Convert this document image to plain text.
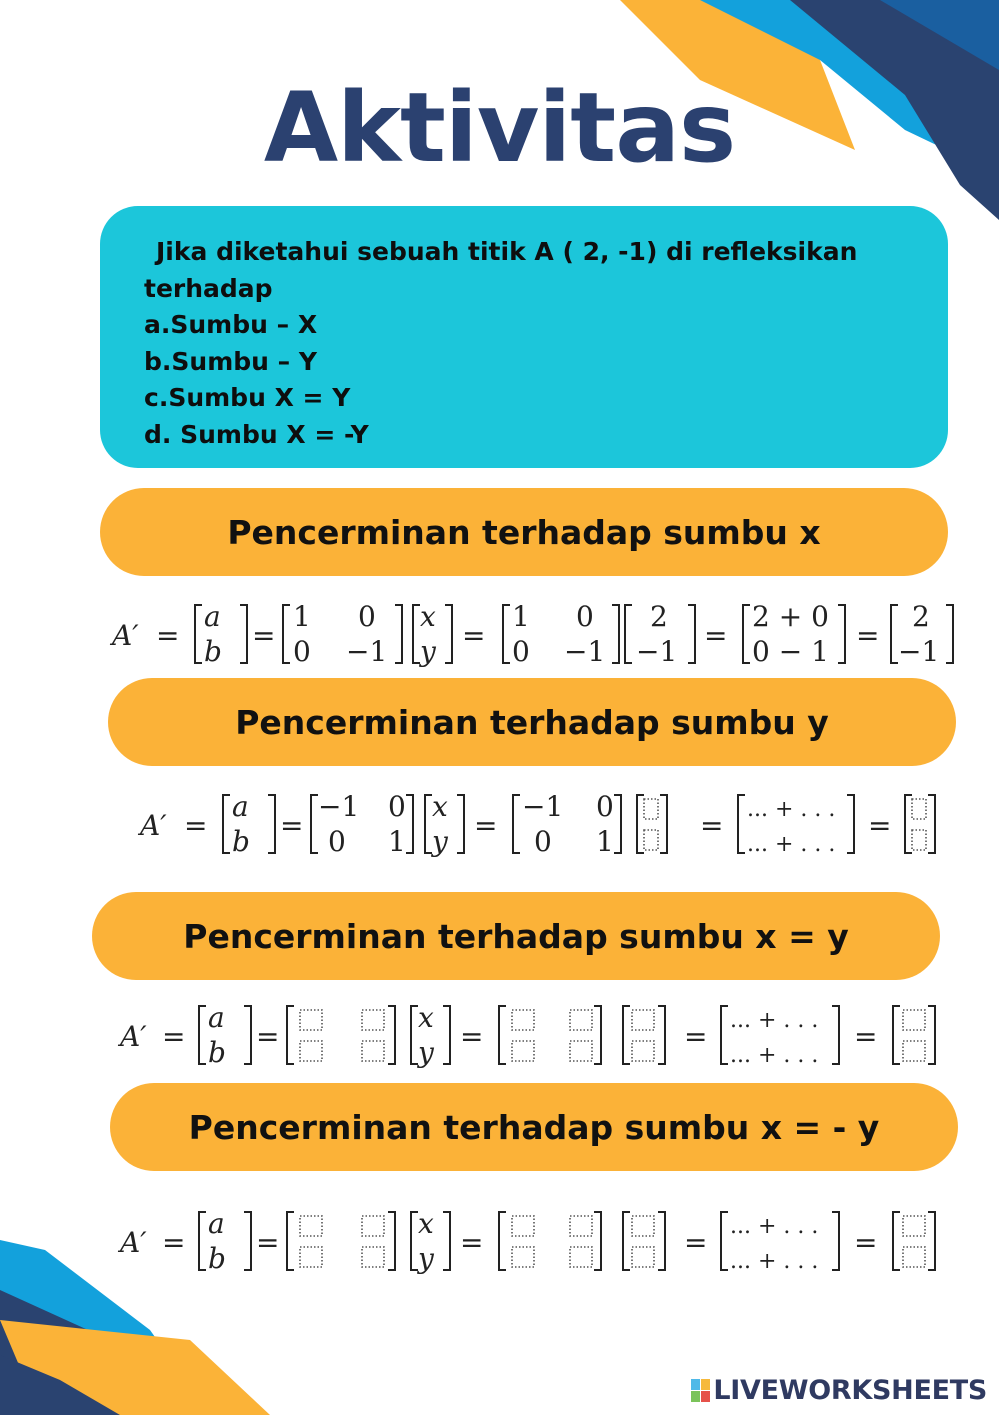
Aktivitas
Jika diketahui sebuah titik A ( 2, -1) di refleksikan
terhadap
a.Sumbu – X
b.Sumbu – Y
c.Sumbu X = Y
d. Sumbu X = -Y
Pencerminan terhadap sumbu x
Pencerminan terhadap sumbu y
Pencerminan terhadap sumbu x = y
Pencerminan terhadap sumbu x = - y
A′ =
a
b =
1 0
0 −1
x
y =
1 0
0 −1
2
−1 =
2 + 0
0 − 1 =
2
−1
A′ =
a
b =
−1 0
0 1
x
y =
−1 0
0 1	= ... + . . .
... + . . .
=
A′ =
a
b =
x
y =	= ... + . . .
... + . . .
=
A′ =
a
b =
x
y =	= ... + . . .
... + . . .
=
LIVEWORKSHEETS
